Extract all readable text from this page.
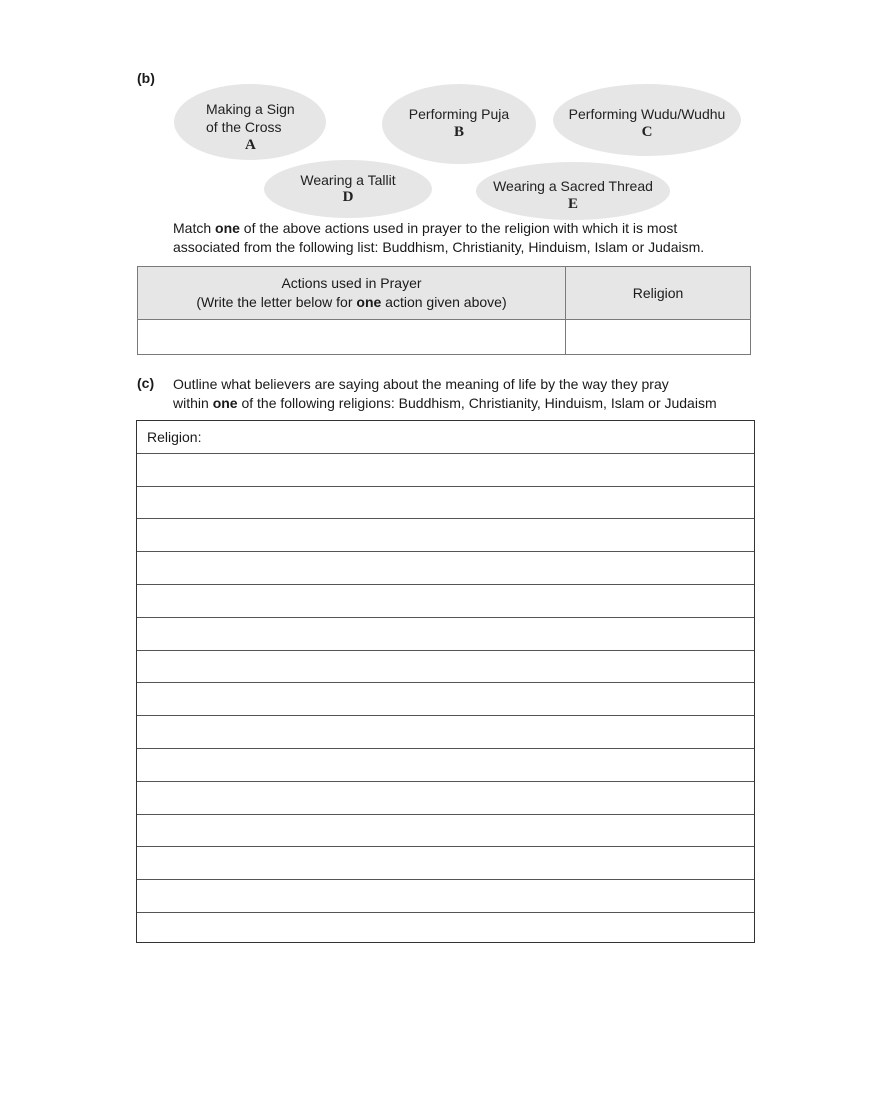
(b)
Making a Sign
of the Cross
A
Performing Puja
B
Performing Wudu/Wudhu
C
Wearing a Tallit
D
Wearing a Sacred Thread
E
Match one of the above actions used in prayer to the religion with which it is most
associated from the following list: Buddhism, Christianity, Hinduism, Islam or Judaism.
Actions used in Prayer
(Write the letter below for one action given above)	Religion

(c) Outline what believers are saying about the meaning of life by the way they pray
within one of the following religions: Buddhism, Christianity, Hinduism, Islam or Judaism
Religion:
